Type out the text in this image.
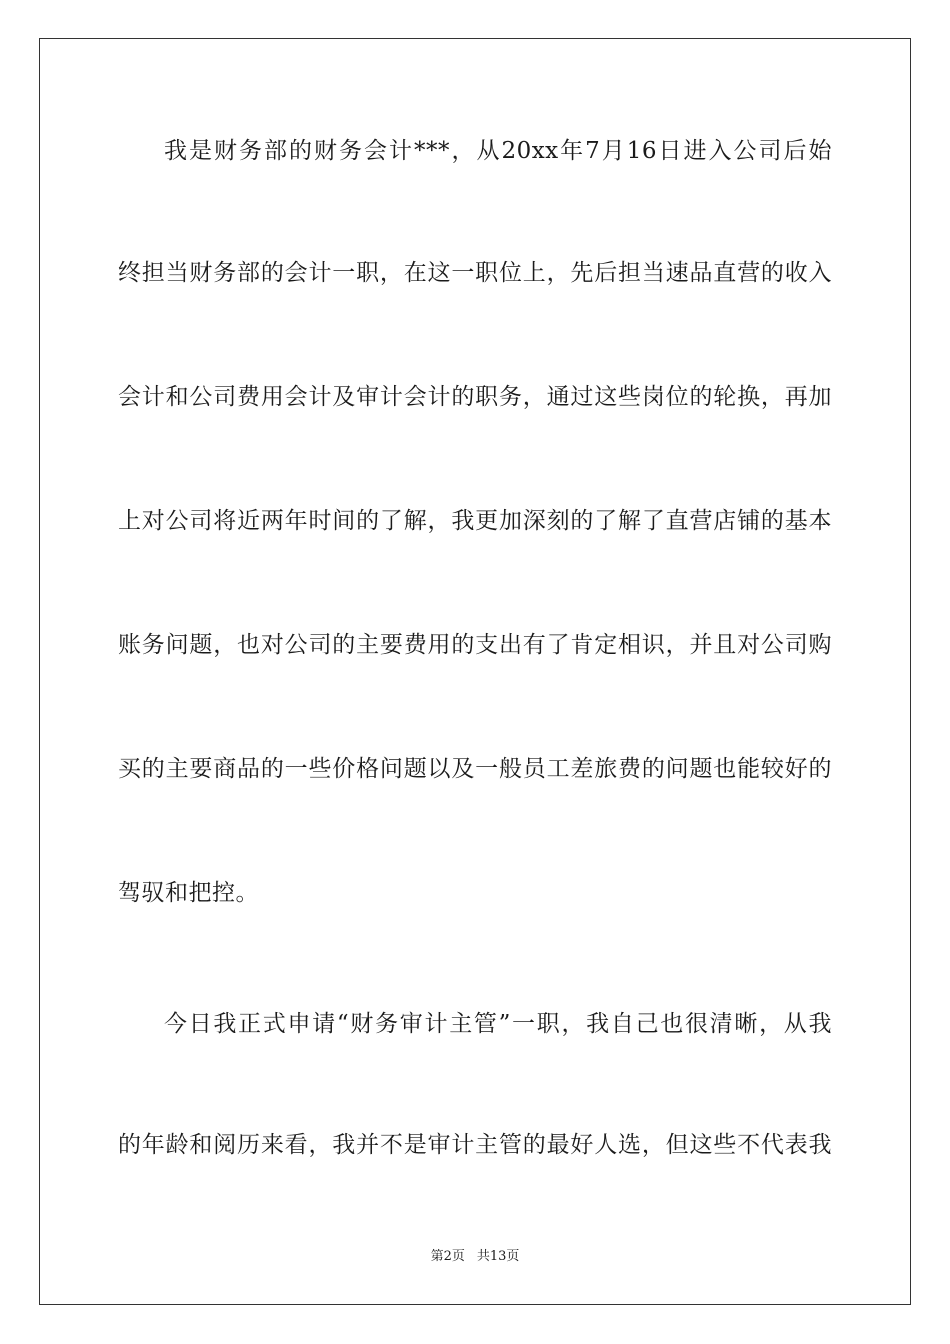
我是财务部的财务会计***，从20xx年7月16日进入公司后始
终担当财务部的会计一职，在这一职位上，先后担当速品直营的收入
会计和公司费用会计及审计会计的职务，通过这些岗位的轮换，再加
上对公司将近两年时间的了解，我更加深刻的了解了直营店铺的基本
账务问题，也对公司的主要费用的支出有了肯定相识，并且对公司购
买的主要商品的一些价格问题以及一般员工差旅费的问题也能较好的
驾驭和把控。
今日我正式申请“财务审计主管”一职，我自己也很清晰，从我
的年龄和阅历来看，我并不是审计主管的最好人选，但这些不代表我
第2页 共13页
